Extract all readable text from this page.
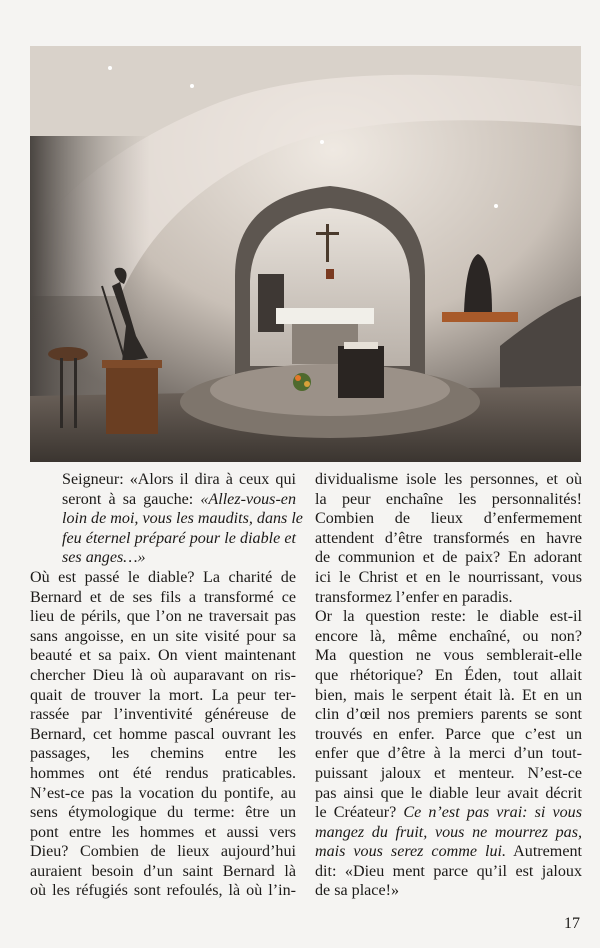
Seigneur: «Alors il dira à ceux qui
seront à sa gauche: «Allez-vous-en
loin de moi, vous les maudits, dans le
feu éternel préparé pour le diable et
ses anges…»
Où est passé le diable? La charité de
Bernard et de ses fils a transformé ce
lieu de périls, que l’on ne traversait pas
sans angoisse, en un site visité pour sa
beauté et sa paix. On vient maintenant
chercher Dieu là où auparavant on ris-
quait de trouver la mort. La peur ter-
rassée par l’inventivité généreuse de
Bernard, cet homme pascal ouvrant les
passages, les chemins entre les
hommes ont été rendus praticables.
N’est-ce pas la vocation du pontife, au
sens étymologique du terme: être un
pont entre les hommes et aussi vers
Dieu? Combien de lieux aujourd’hui
auraient besoin d’un saint Bernard là
où les réfugiés sont refoulés, là où l’in-
dividualisme isole les personnes, et où
la peur enchaîne les personnalités!
Combien de lieux d’enfermement
attendent d’être transformés en havre
de communion et de paix? En adorant
ici le Christ et en le nourrissant, vous
transformez l’enfer en paradis.
Or la question reste: le diable est-il
encore là, même enchaîné, ou non?
Ma question ne vous semblerait-elle
que rhétorique? En Éden, tout allait
bien, mais le serpent était là. Et en un
clin d’œil nos premiers parents se sont
trouvés en enfer. Parce que c’est un
enfer que d’être à la merci d’un tout-
puissant jaloux et menteur. N’est-ce
pas ainsi que le diable leur avait décrit
le Créateur? Ce n’est pas vrai: si vous
mangez du fruit, vous ne mourrez pas,
mais vous serez comme lui. Autrement
dit: «Dieu ment parce qu’il est jaloux
de sa place!»
17
